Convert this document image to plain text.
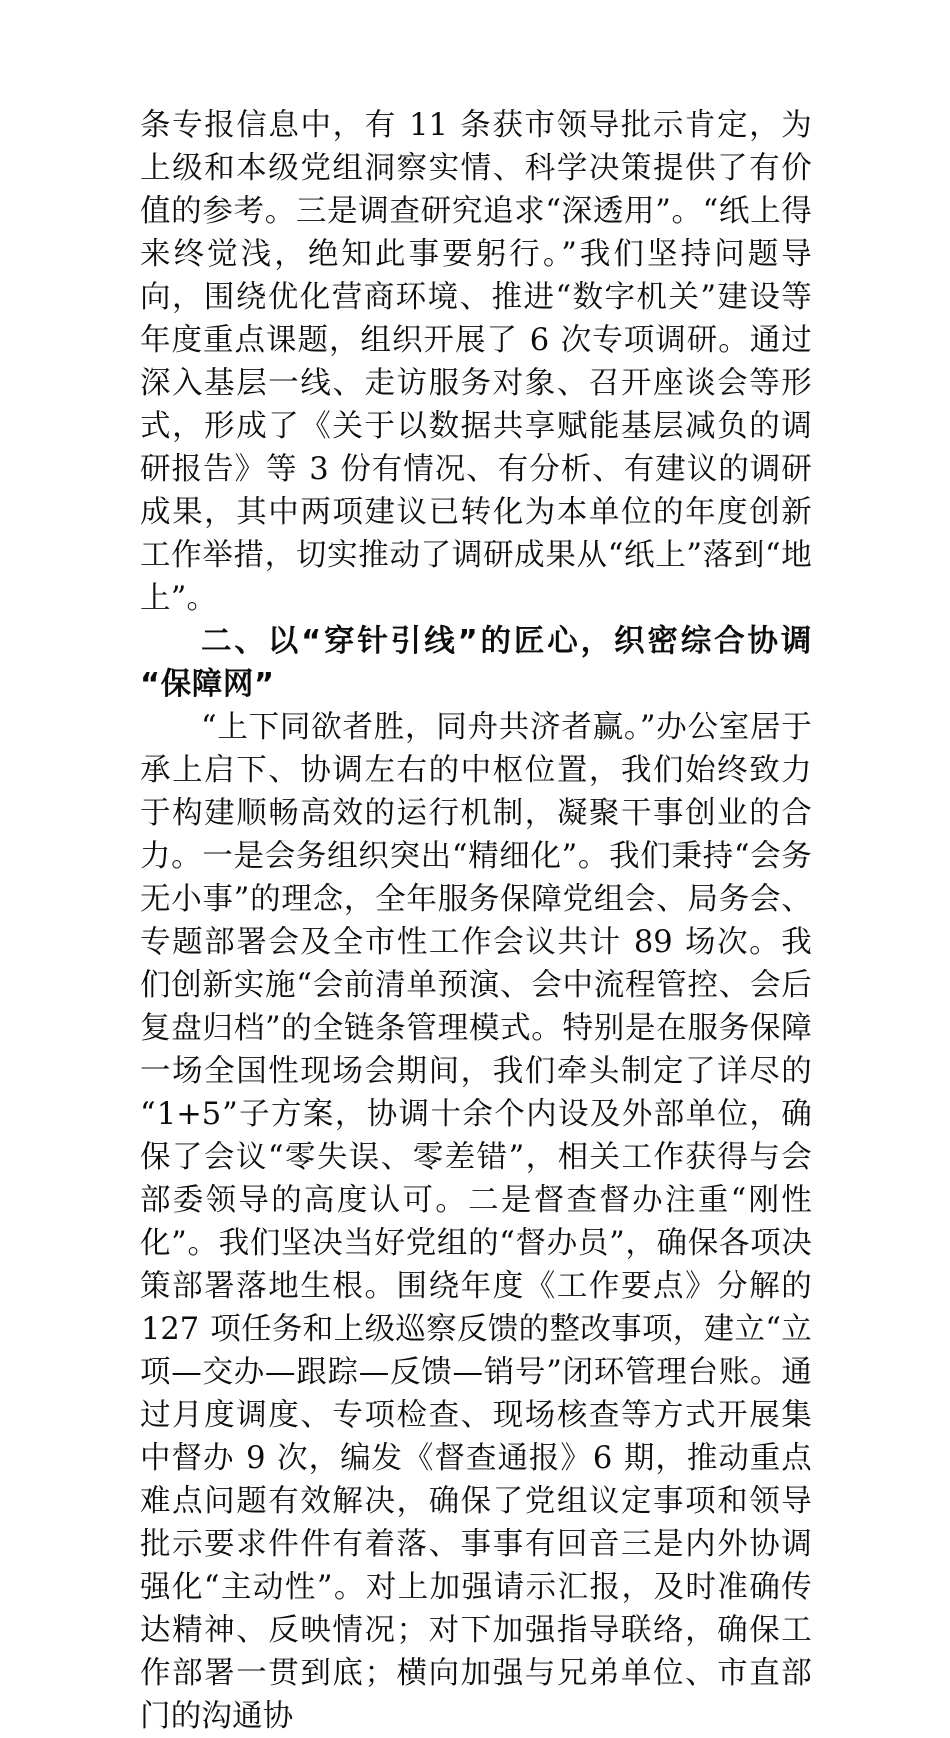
条专报信息中，有 11 条获市领导批示肯定，为上级和本级党组洞察实情、科学决策提供了有价值的参考。三是调查研究追求“深透用”。“纸上得来终觉浅，绝知此事要躬行。”我们坚持问题导向，围绕优化营商环境、推进“数字机关”建设等年度重点课题，组织开展了 6 次专项调研。通过深入基层一线、走访服务对象、召开座谈会等形式，形成了《关于以数据共享赋能基层减负的调研报告》等 3 份有情况、有分析、有建议的调研成果，其中两项建议已转化为本单位的年度创新工作举措，切实推动了调研成果从“纸上”落到“地上”。

二、以“穿针引线”的匠心，织密综合协调“保障网”

“上下同欲者胜，同舟共济者赢。”办公室居于承上启下、协调左右的中枢位置，我们始终致力于构建顺畅高效的运行机制，凝聚干事创业的合力。一是会务组织突出“精细化”。我们秉持“会务无小事”的理念，全年服务保障党组会、局务会、专题部署会及全市性工作会议共计 89 场次。我们创新实施“会前清单预演、会中流程管控、会后复盘归档”的全链条管理模式。特别是在服务保障一场全国性现场会期间，我们牵头制定了详尽的“1+5”子方案，协调十余个内设及外部单位，确保了会议“零失误、零差错”，相关工作获得与会部委领导的高度认可。二是督查督办注重“刚性化”。我们坚决当好党组的“督办员”，确保各项决策部署落地生根。围绕年度《工作要点》分解的 127 项任务和上级巡察反馈的整改事项，建立“立项—交办—跟踪—反馈—销号”闭环管理台账。通过月度调度、专项检查、现场核查等方式开展集中督办 9 次，编发《督查通报》6 期，推动重点难点问题有效解决，确保了党组议定事项和领导批示要求件件有着落、事事有回音三是内外协调强化“主动性”。对上加强请示汇报，及时准确传达精神、反映情况；对下加强指导联络，确保工作部署一贯到底；横向加强与兄弟单位、市直部门的沟通协
